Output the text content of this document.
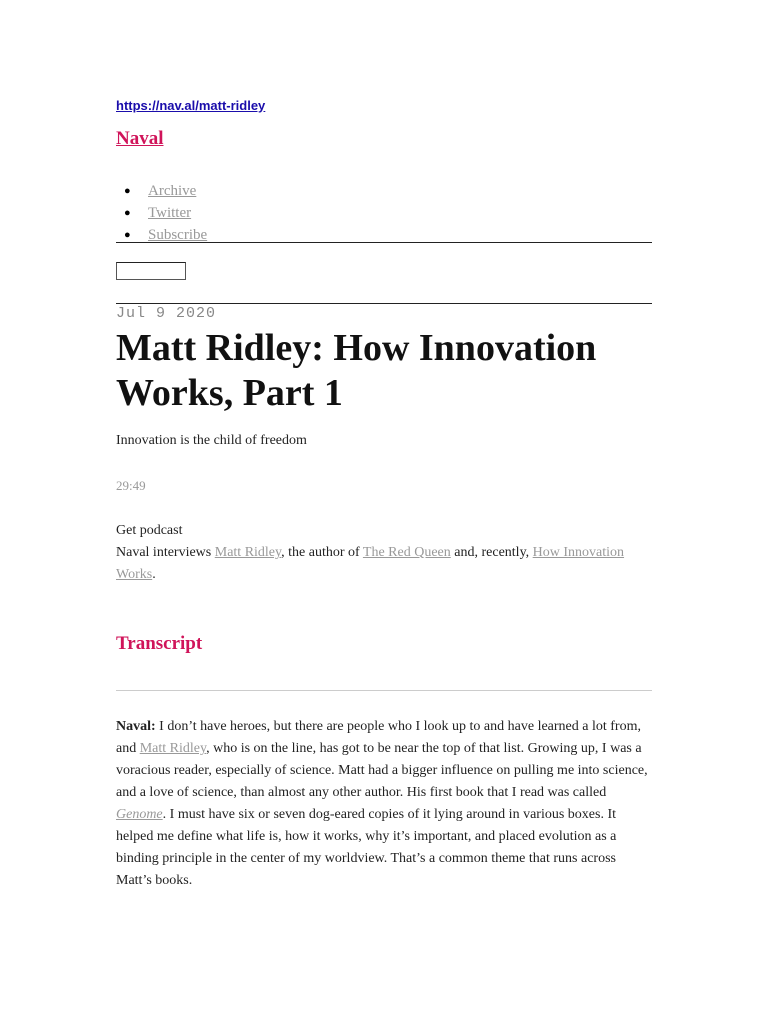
https://nav.al/matt-ridley
Naval
● Archive
● Twitter
● Subscribe
Jul 9 2020
Matt Ridley: How Innovation Works, Part 1
Innovation is the child of freedom
29:49
Get podcast
Naval interviews Matt Ridley, the author of The Red Queen and, recently, How Innovation Works.
Transcript

Naval: I don’t have heroes, but there are people who I look up to and have learned a lot from, and Matt Ridley, who is on the line, has got to be near the top of that list. Growing up, I was a voracious reader, especially of science. Matt had a bigger influence on pulling me into science, and a love of science, than almost any other author. His first book that I read was called Genome. I must have six or seven dog-eared copies of it lying around in various boxes. It helped me define what life is, how it works, why it’s important, and placed evolution as a binding principle in the center of my worldview. That’s a common theme that runs across Matt’s books.
